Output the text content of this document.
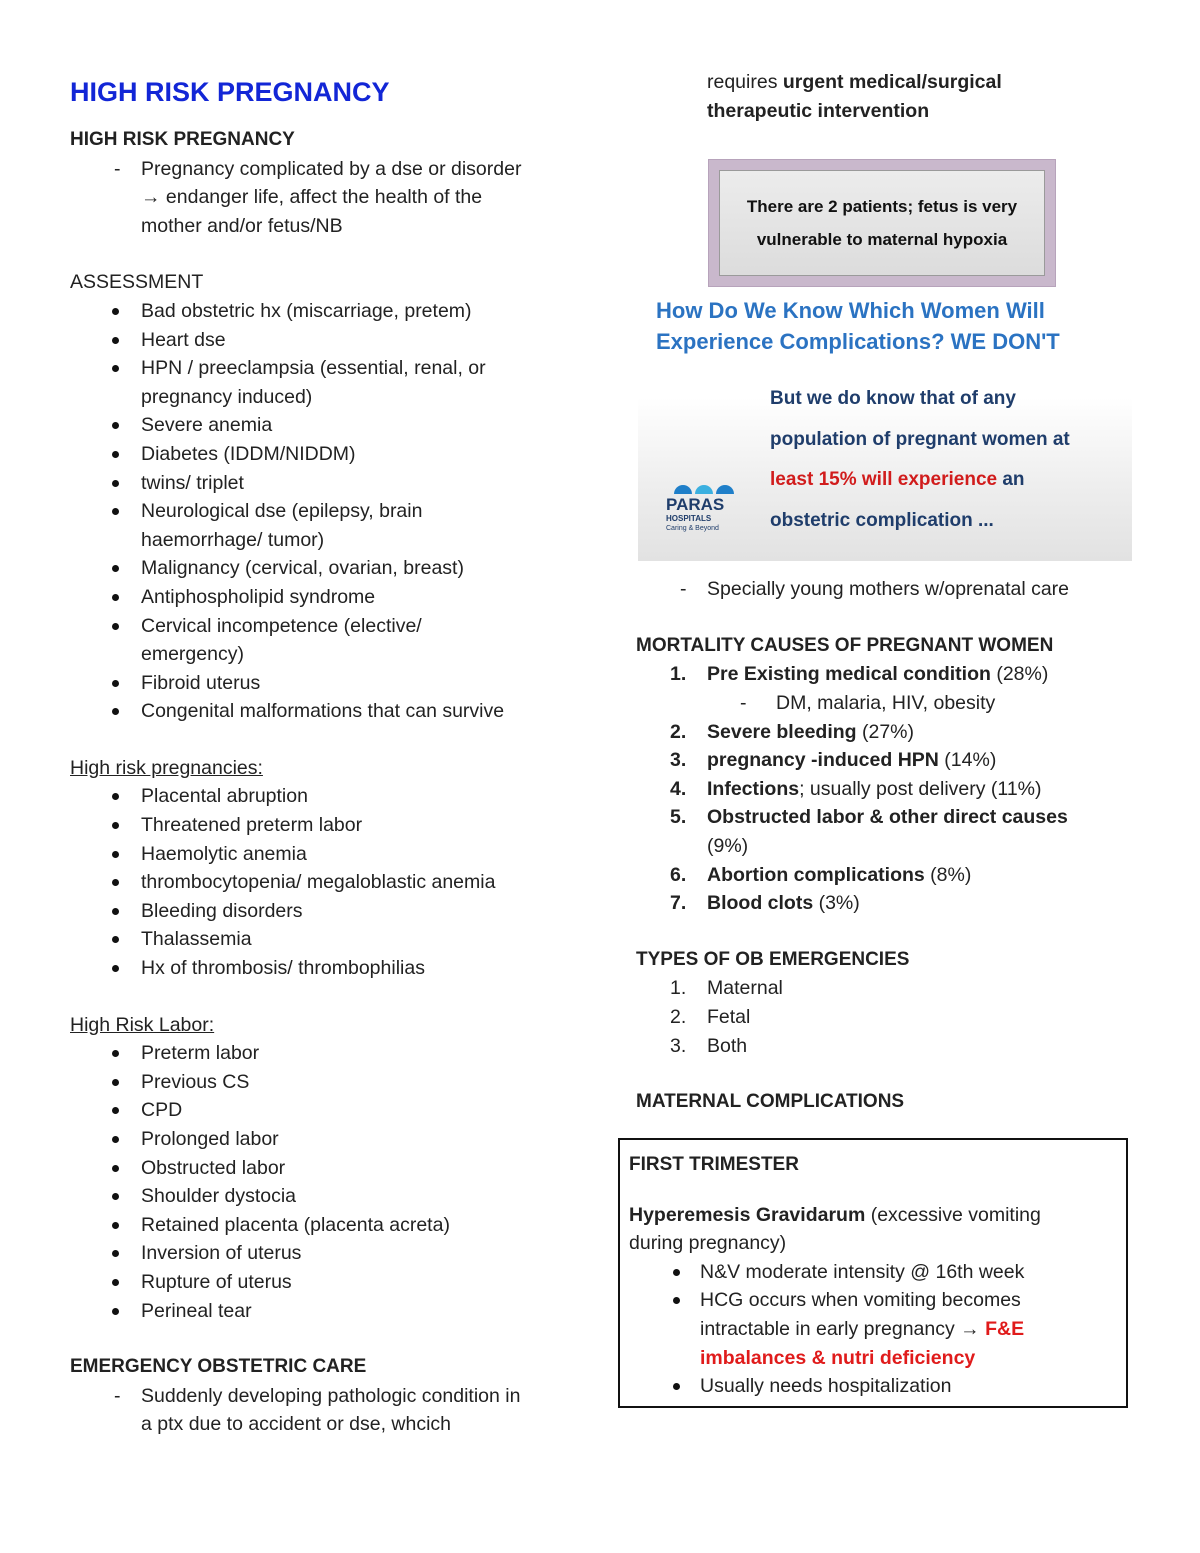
HIGH RISK PREGNANCY
HIGH RISK PREGNANCY
- Pregnancy complicated by a dse or disorder
→ endanger life, affect the health of the
mother and/or fetus/NB
ASSESSMENT
Bad obstetric hx (miscarriage, pretem)
Heart dse
HPN / preeclampsia (essential, renal, or
pregnancy induced)
Severe anemia
Diabetes (IDDM/NIDDM)
twins/ triplet
Neurological dse (epilepsy, brain
haemorrhage/ tumor)
Malignancy (cervical, ovarian, breast)
Antiphospholipid syndrome
Cervical incompetence (elective/
emergency)
Fibroid uterus
Congenital malformations that can survive
High risk pregnancies:
Placental abruption
Threatened preterm labor
Haemolytic anemia
thrombocytopenia/ megaloblastic anemia
Bleeding disorders
Thalassemia
Hx of thrombosis/ thrombophilias
High Risk Labor:
Preterm labor
Previous CS
CPD
Prolonged labor
Obstructed labor
Shoulder dystocia
Retained placenta (placenta acreta)
Inversion of uterus
Rupture of uterus
Perineal tear
EMERGENCY OBSTETRIC CARE
- Suddenly developing pathologic condition in
a ptx due to accident or dse, whcich
requires urgent medical/surgical
therapeutic intervention
There are 2 patients; fetus is very
vulnerable to maternal hypoxia
How Do We Know Which Women Will
Experience Complications? WE DON'T
But we do know that of any
population of pregnant women at
least 15% will experience an
obstetric complication ...
PARAS
HOSPITALS
Caring & Beyond
- Specially young mothers w/oprenatal care
MORTALITY CAUSES OF PREGNANT WOMEN
1. Pre Existing medical condition (28%)
- DM, malaria, HIV, obesity
2. Severe bleeding (27%)
3. pregnancy -induced HPN (14%)
4. Infections; usually post delivery (11%)
5. Obstructed labor & other direct causes
(9%)
6. Abortion complications (8%)
7. Blood clots (3%)
TYPES OF OB EMERGENCIES
1. Maternal
2. Fetal
3. Both
MATERNAL COMPLICATIONS
FIRST TRIMESTER
Hyperemesis Gravidarum (excessive vomiting
during pregnancy)
N&V moderate intensity @ 16th week
HCG occurs when vomiting becomes
intractable in early pregnancy → F&E
imbalances & nutri deficiency
Usually needs hospitalization
